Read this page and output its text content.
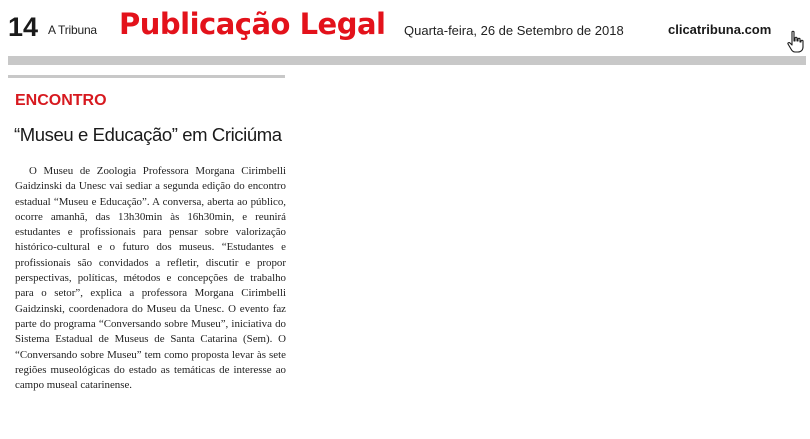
14 A Tribuna Publicação Legal Quarta-feira, 26 de Setembro de 2018	clicatribuna.com
ENCONTRO
“Museu e Educação” em Criciúma

O Museu de Zoologia Professora Morgana Cirimbelli Gaidzinski da Unesc vai sediar a segunda edição do encontro estadual “Museu e Educação”. A conversa, aberta ao público, ocorre amanhã, das 13h30min às 16h30min, e reunirá estudantes e profissionais para pensar sobre valorização histórico-cultural e o futuro dos museus. “Estudantes e profissionais são convidados a refletir, discutir e propor perspectivas, políticas, métodos e concepções de trabalho para o setor”, explica a professora Morgana Cirimbelli Gaidzinski, coordenadora do Museu da Unesc. O evento faz parte do programa “Conversando sobre Museu”, iniciativa do Sistema Estadual de Museus de Santa Catarina (Sem). O “Conversando sobre Museu” tem como proposta levar às sete regiões museológicas do estado as temáticas de interesse ao campo museal catarinense.
